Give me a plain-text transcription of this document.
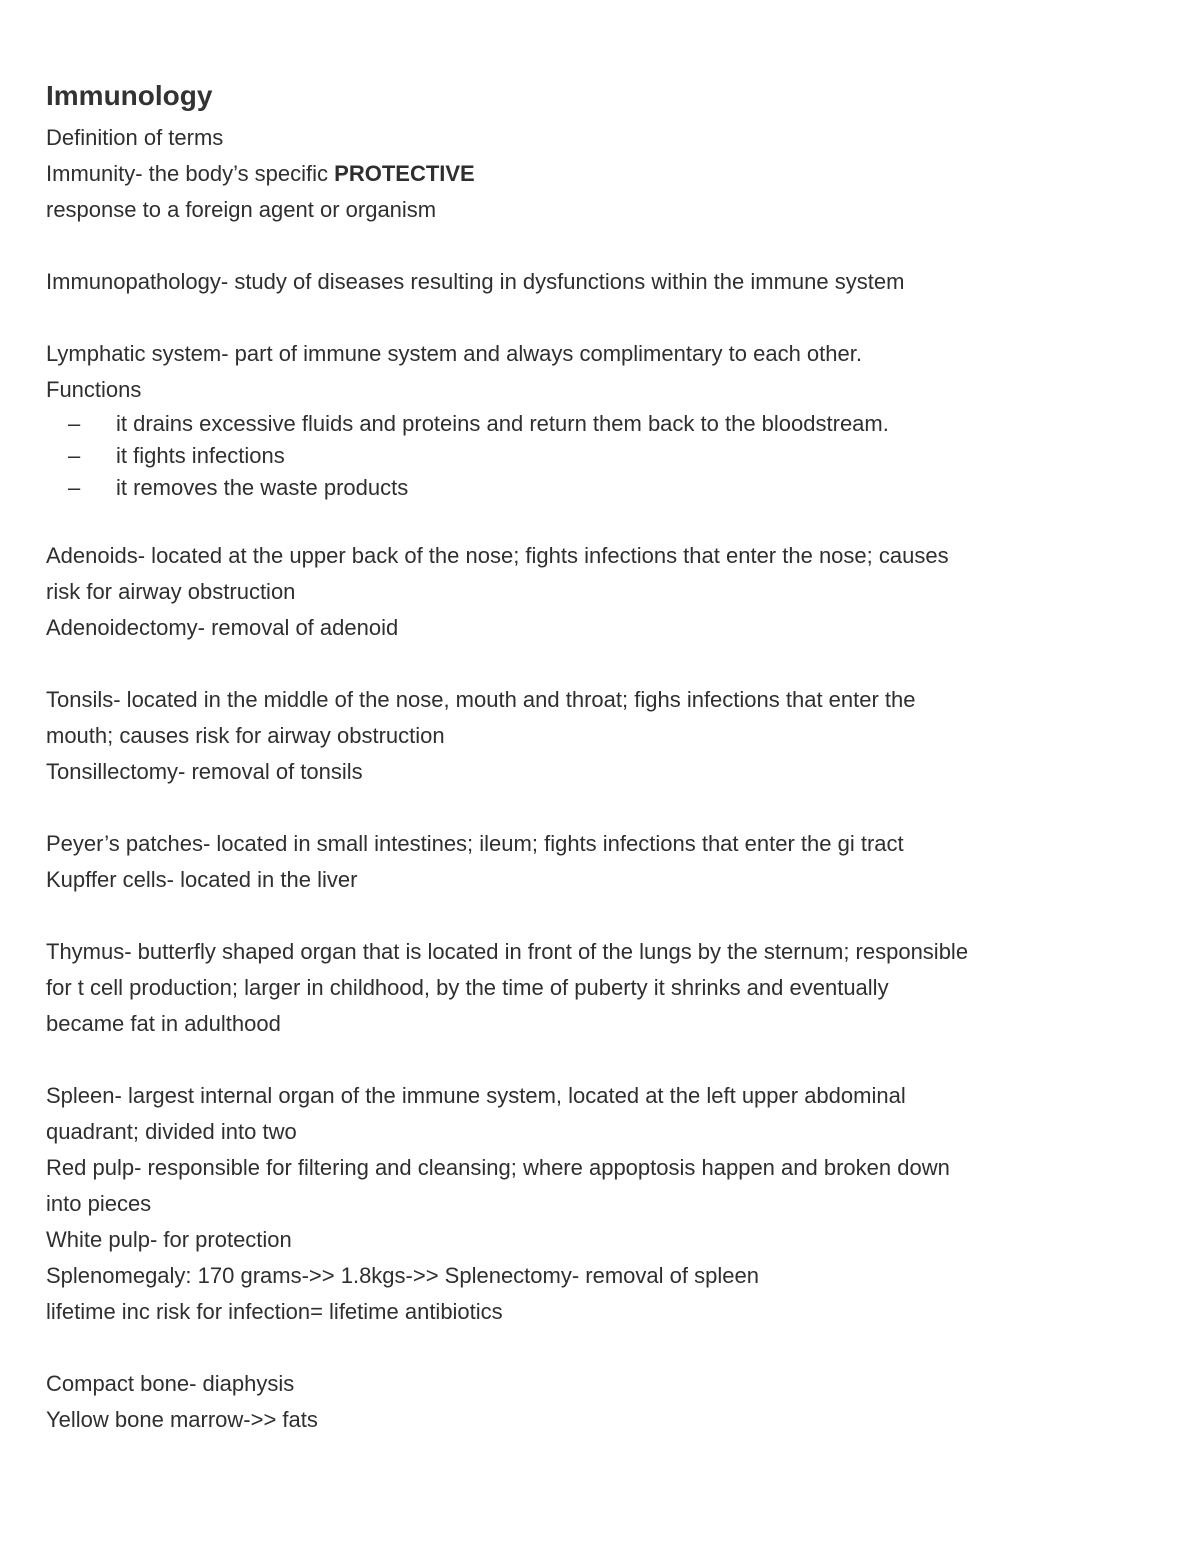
Immunology
Definition of terms
Immunity- the body’s specific PROTECTIVE
response to a foreign agent or organism
Immunopathology- study of diseases resulting in dysfunctions within the immune system
Lymphatic system- part of immune system and always complimentary to each other.
Functions
– it drains excessive fluids and proteins and return them back to the bloodstream.
– it fights infections
– it removes the waste products
Adenoids- located at the upper back of the nose; fights infections that enter the nose; causes
risk for airway obstruction
Adenoidectomy- removal of adenoid
Tonsils- located in the middle of the nose, mouth and throat; fighs infections that enter the
mouth; causes risk for airway obstruction
Tonsillectomy- removal of tonsils
Peyer’s patches- located in small intestines; ileum; fights infections that enter the gi tract
Kupffer cells- located in the liver
Thymus- butterfly shaped organ that is located in front of the lungs by the sternum; responsible
for t cell production; larger in childhood, by the time of puberty it shrinks and eventually
became fat in adulthood
Spleen- largest internal organ of the immune system, located at the left upper abdominal
quadrant; divided into two
Red pulp- responsible for filtering and cleansing; where appoptosis happen and broken down
into pieces
White pulp- for protection
Splenomegaly: 170 grams->> 1.8kgs->> Splenectomy- removal of spleen
lifetime inc risk for infection= lifetime antibiotics
Compact bone- diaphysis
Yellow bone marrow->> fats
